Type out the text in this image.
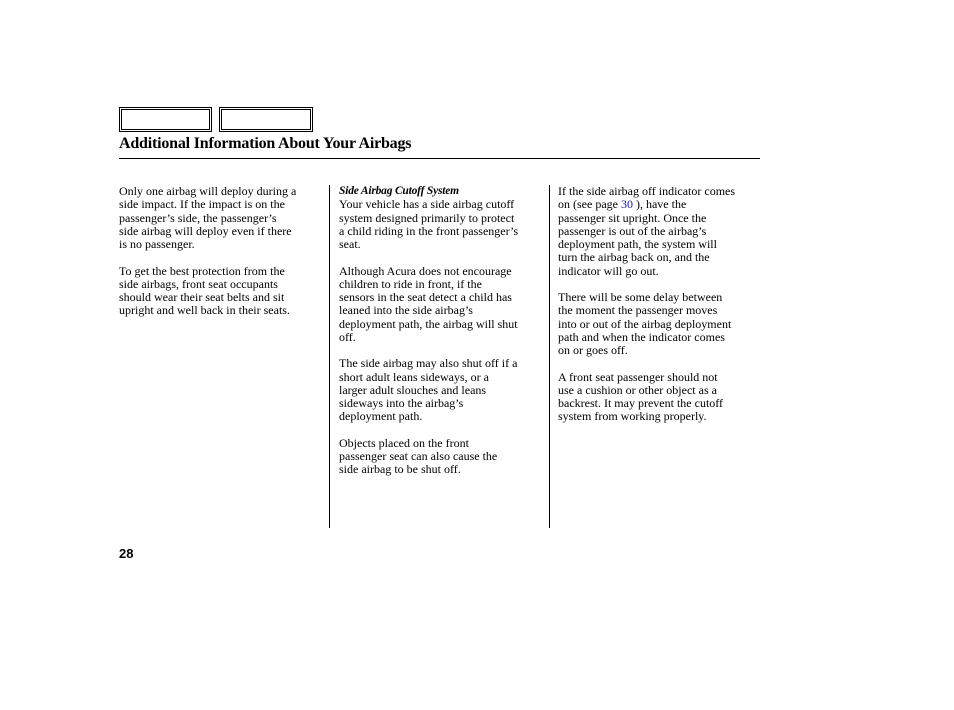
Additional Information About Your Airbags

Only one airbag will deploy during a
side impact. If the impact is on the
passenger’s side, the passenger’s
side airbag will deploy even if there
is no passenger.

To get the best protection from the
side airbags, front seat occupants
should wear their seat belts and sit
upright and well back in their seats.

Side Airbag Cutoff System

Your vehicle has a side airbag cutoff
system designed primarily to protect
a child riding in the front passenger’s
seat.

Although Acura does not encourage
children to ride in front, if the
sensors in the seat detect a child has
leaned into the side airbag’s
deployment path, the airbag will shut
off.

The side airbag may also shut off if a
short adult leans sideways, or a
larger adult slouches and leans
sideways into the airbag’s
deployment path.

Objects placed on the front
passenger seat can also cause the
side airbag to be shut off.

If the side airbag off indicator comes
on (see page 30 ), have the
passenger sit upright. Once the
passenger is out of the airbag’s
deployment path, the system will
turn the airbag back on, and the
indicator will go out.

There will be some delay between
the moment the passenger moves
into or out of the airbag deployment
path and when the indicator comes
on or goes off.

A front seat passenger should not
use a cushion or other object as a
backrest. It may prevent the cutoff
system from working properly.

28
